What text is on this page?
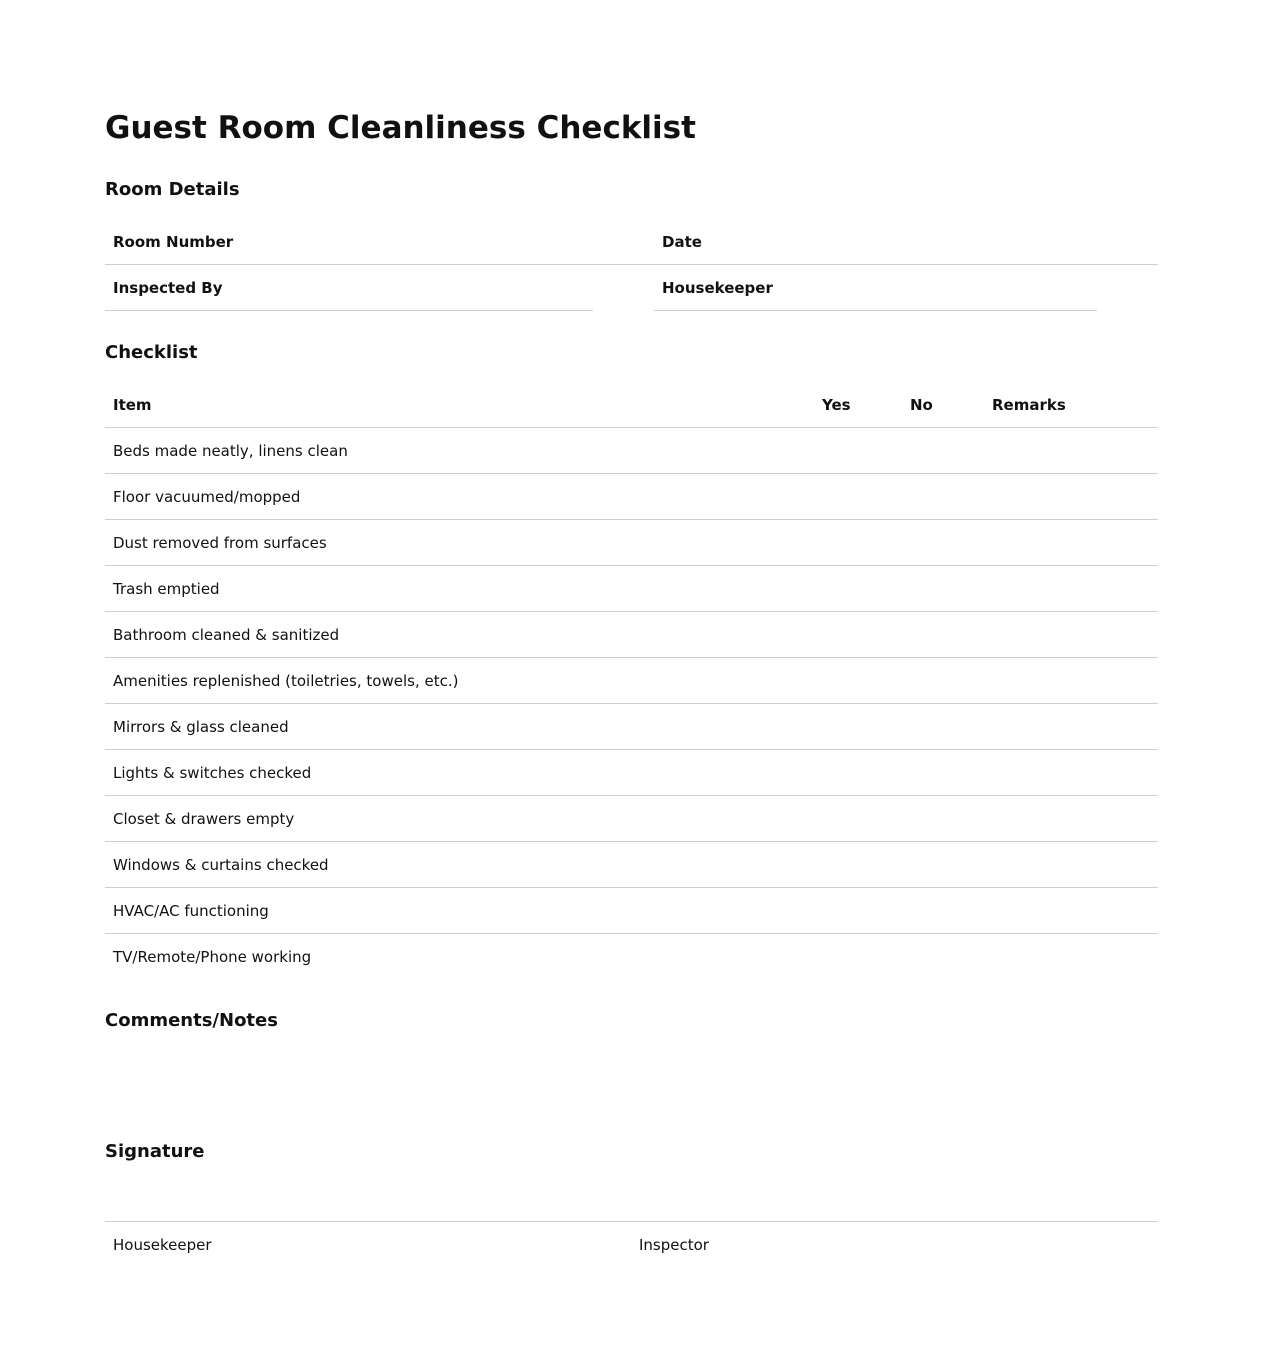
Guest Room Cleanliness Checklist
Room Details
Room Number	Date
Inspected By	Housekeeper
Checklist
Item	Yes	No	Remarks
Beds made neatly, linens clean
Floor vacuumed/mopped
Dust removed from surfaces
Trash emptied
Bathroom cleaned & sanitized
Amenities replenished (toiletries, towels, etc.)
Mirrors & glass cleaned
Lights & switches checked
Closet & drawers empty
Windows & curtains checked
HVAC/AC functioning
TV/Remote/Phone working
Comments/Notes
Signature
Housekeeper	Inspector
